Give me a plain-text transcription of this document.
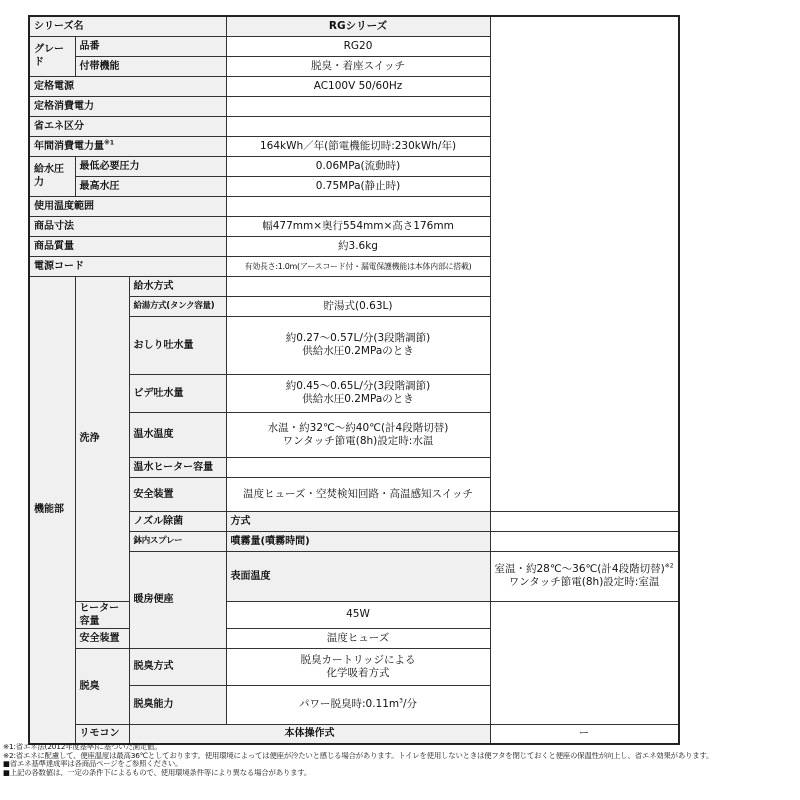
シリーズ名			RGシリーズ	
グレード	品番		RG20	
	付帯機能		脱臭・着座スイッチ	
定格電源			AC100V 50/60Hz	
定格消費電力				
省エネ区分				
年間消費電力量$^{※1}$			164kWh／年(節電機能切時:230kWh/年)	
給水圧力	最低必要圧力		0.06MPa(流動時)	
	最高水圧		0.75MPa(静止時)	
使用温度範囲				
商品寸法			幅477mm×奥行554mm×高さ176mm	
商品質量			約3.6kg	
電源コード			有効長さ:1.0m(アースコード付・漏電保護機能は本体内部に搭載)	
機能部	洗浄	給水方式		
		給湯方式(タンク容量)	貯湯式(0.63L)	
		おしり吐水量	約0.27～0.57L/分(3段階調節)
供給水圧0.2MPaのとき	

		ビデ吐水量	約0.45～0.65L/分(3段階調節)
供給水圧0.2MPaのとき	

		温水温度	水温・約32℃～約40℃(計4段階切替)
ワンタッチ節電(8h)設定時:水温	

		温水ヒーター容量		
		安全装置	温度ヒューズ・空焚検知回路・高温感知スイッチ	
		ノズル除菌	方式	
		鉢内スプレー	噴霧量(噴霧時間)	
		暖房便座	表面温度	室温・約28℃～36℃(計4段階切替)$^{※2}$
ワンタッチ節電(8h)設定時:室温

	ヒーター容量		45W	
	安全装置		温度ヒューズ	
	脱臭	脱臭方式	脱臭カートリッジによる
化学吸着方式	

		脱臭能力	パワー脱臭時$:0.11m^3/$分	
	リモコン	本体操作式		ー
※1:省エネ法(2012年度基準)に基づいた測定値。
※2:省エネに配慮して、便座温度は最高36℃としております。使用環境によっては便座が冷たいと感じる場合があります。トイレを使用しないときは便フタを閉じておくと便座の保温性が向上し、省エネ効果があります。
■省エネ基準達成率は各商品ページをご参照ください。
■上記の各数値は、一定の条件下によるもので、使用環境条件等により異なる場合があります。
